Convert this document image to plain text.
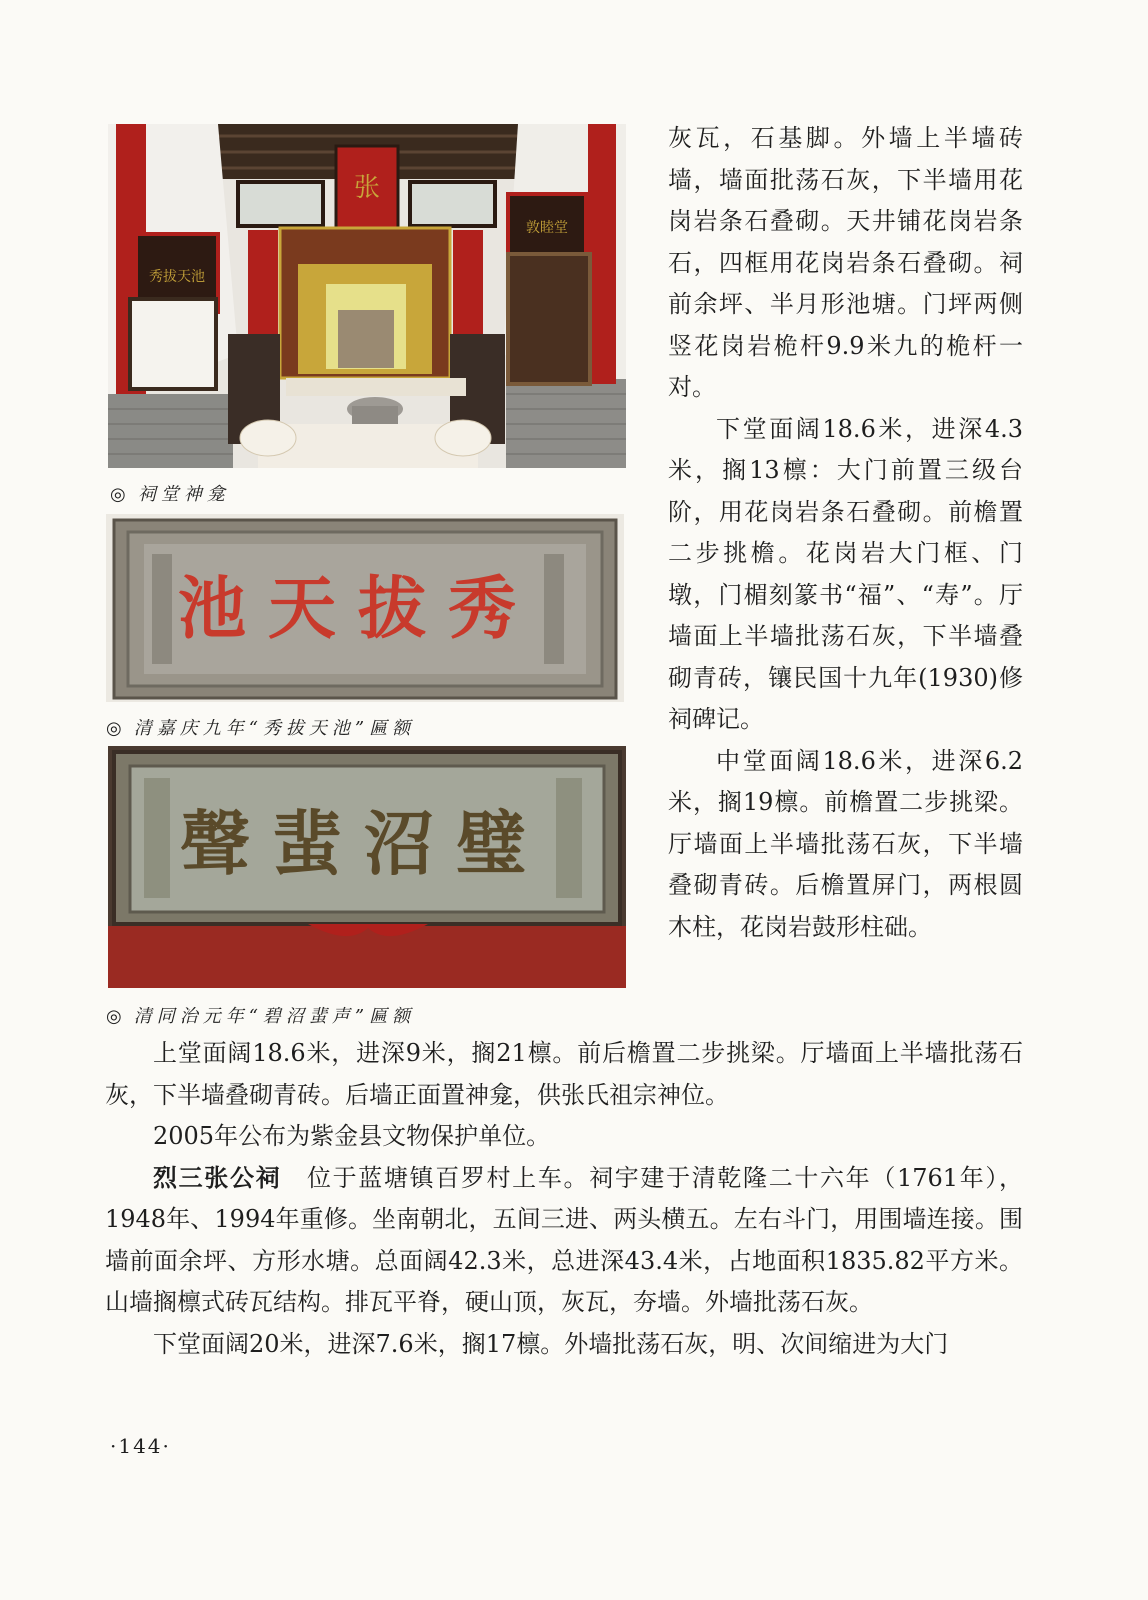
秀拔天池
敦睦堂
张
◎ 祠堂神龛
池天拔秀
◎ 清嘉庆九年“秀拔天池”匾额
聲蜚沼璧
◎ 清同治元年“碧沼蜚声”匾额

灰瓦，石基脚。外墙上半墙砖墙，墙面批荡石灰，下半墙用花岗岩条石叠砌。天井铺花岗岩条石，四框用花岗岩条石叠砌。祠前余坪、半月形池塘。门坪两侧竖花岗岩桅杆9.9米九的桅杆一对。

下堂面阔18.6米，进深4.3米，搁13檩：大门前置三级台阶，用花岗岩条石叠砌。前檐置二步挑檐。花岗岩大门框、门墩，门楣刻篆书“福”、“寿”。厅墙面上半墙批荡石灰，下半墙叠砌青砖，镶民国十九年(1930)修祠碑记。

中堂面阔18.6米，进深6.2米，搁19檩。前檐置二步挑梁。厅墙面上半墙批荡石灰，下半墙叠砌青砖。后檐置屏门，两根圆木柱，花岗岩鼓形柱础。

上堂面阔18.6米，进深9米，搁21檩。前后檐置二步挑梁。厅墙面上半墙批荡石灰，下半墙叠砌青砖。后墙正面置神龛，供张氏祖宗神位。

2005年公布为紫金县文物保护单位。

烈三张公祠　 位于蓝塘镇百罗村上车。祠宇建于清乾隆二十六年（1761年），1948年、1994年重修。坐南朝北，五间三进、两头横五。左右斗门，用围墙连接。围墙前面余坪、方形水塘。总面阔42.3米，总进深43.4米，占地面积1835.82平方米。山墙搁檩式砖瓦结构。排瓦平脊，硬山顶，灰瓦，夯墙。外墙批荡石灰。

下堂面阔20米，进深7.6米，搁17檩。外墙批荡石灰，明、次间缩进为大门

·144·
